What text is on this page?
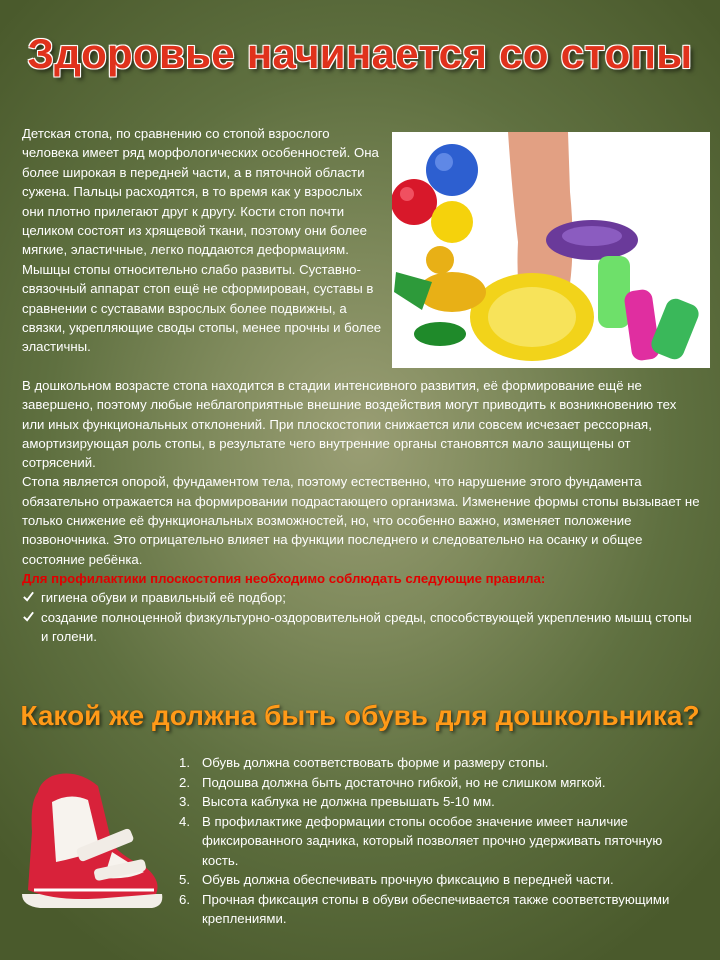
Здоровье начинается со стопы

Детская стопа, по сравнению со стопой взрослого человека имеет ряд морфологических особенностей. Она более широкая в передней части, а в пяточной области сужена. Пальцы расходятся, в то время как у взрослых они плотно прилегают друг к другу. Кости стоп почти целиком состоят из хрящевой ткани, поэтому они более мягкие, эластичные, легко поддаются деформациям. Мышцы стопы относительно слабо развиты. Суставно-связочный аппарат стоп ещё не сформирован, суставы в сравнении с суставами взрослых более подвижны, а связки, укрепляющие своды стопы, менее прочны и более эластичны.

В дошкольном возрасте стопа находится в стадии интенсивного развития, её формирование ещё не завершено, поэтому любые неблагоприятные внешние воздействия могут приводить к возникновению тех или иных функциональных отклонений. При плоскостопии снижается или совсем исчезает рессорная, амортизирующая роль стопы, в результате чего внутренние органы становятся мало защищены от сотрясений.

Стопа является опорой, фундаментом тела, поэтому естественно, что нарушение этого фундамента обязательно отражается на формировании подрастающего организма. Изменение формы стопы вызывает не только снижение её функциональных возможностей, но, что особенно важно, изменяет положение позвоночника. Это отрицательно влияет на функции последнего и следовательно на осанку и общее состояние ребёнка.

Для профилактики плоскостопия необходимо соблюдать следующие правила:

гигиена обуви и правильный её подбор;
создание полноценной физкультурно-оздоровительной среды, способствующей укреплению мышц стопы и голени.
Какой же должна быть обувь для дошкольника?
1. Обувь должна соответствовать форме и размеру стопы.
2. Подошва должна быть достаточно гибкой, но не слишком мягкой.
3. Высота каблука не должна превышать 5-10 мм.
4. В профилактике деформации стопы особое значение имеет наличие фиксированного задника, который позволяет прочно удерживать пяточную кость.
5. Обувь должна обеспечивать прочную фиксацию в передней части.
6. Прочная фиксация стопы в обуви обеспечивается также соответствующими креплениями.
